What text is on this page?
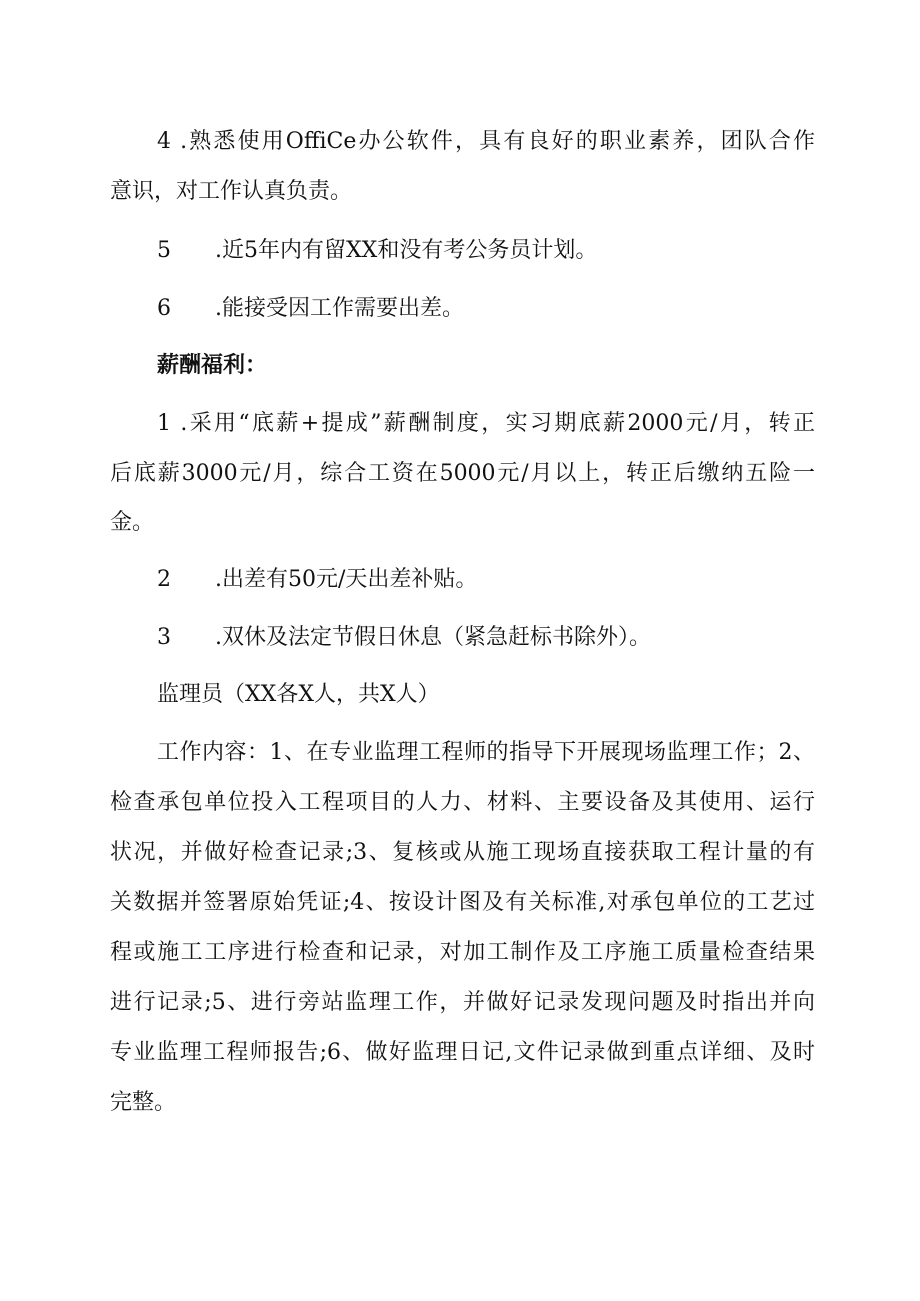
4 .熟悉使用OffiCe办公软件，具有良好的职业素养，团队合作
意识，对工作认真负责。
5 .近5年内有留XX和没有考公务员计划。
6 .能接受因工作需要出差。
薪酬福利：
1 .采用“底薪+提成”薪酬制度，实习期底薪2000元/月，转正
后底薪3000元/月，综合工资在5000元/月以上，转正后缴纳五险一
金。
2 .出差有50元/天出差补贴。
3 .双休及法定节假日休息（紧急赶标书除外）。
监理员（XX各X人，共X人）
工作内容：1、在专业监理工程师的指导下开展现场监理工作；2、
检查承包单位投入工程项目的人力、材料、主要设备及其使用、运行
状况，并做好检查记录;3、复核或从施工现场直接获取工程计量的有
关数据并签署原始凭证;4、按设计图及有关标准,对承包单位的工艺过
程或施工工序进行检查和记录，对加工制作及工序施工质量检查结果
进行记录;5、进行旁站监理工作，并做好记录发现问题及时指出并向
专业监理工程师报告;6、做好监理日记,文件记录做到重点详细、及时
完整。
